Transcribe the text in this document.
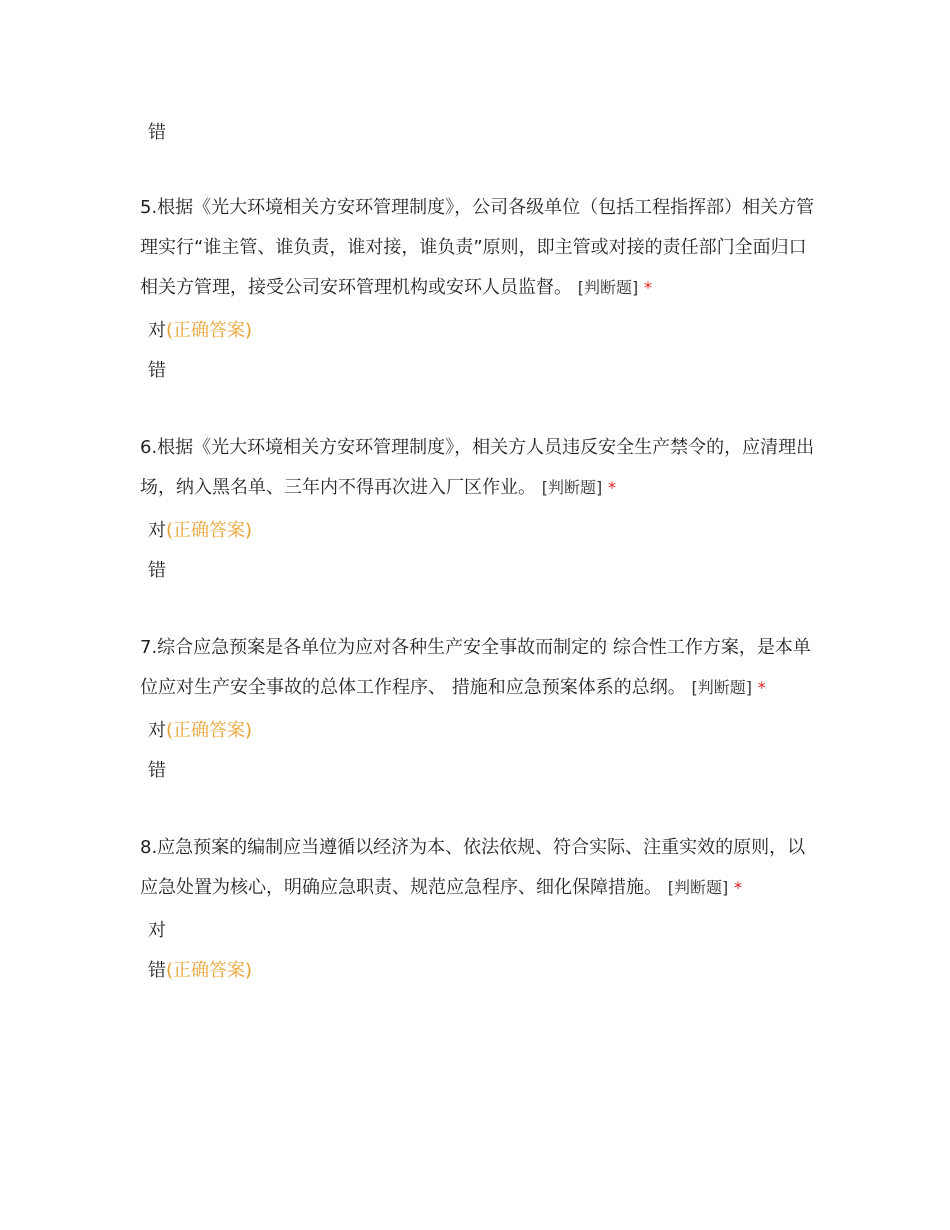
错

5.根据《光大环境相关方安环管理制度》，公司各级单位（包括工程指挥部）相关方管理实行“谁主管、谁负责，谁对接，谁负责”原则，即主管或对接的责任部门全面归口相关方管理，接受公司安环管理机构或安环人员监督。 [判断题] *

对(正确答案)
错

6.根据《光大环境相关方安环管理制度》，相关方人员违反安全生产禁令的，应清理出场，纳入黑名单、三年内不得再次进入厂区作业。 [判断题] *

对(正确答案)
错

7.综合应急预案是各单位为应对各种生产安全事故而制定的 综合性工作方案，是本单位应对生产安全事故的总体工作程序、 措施和应急预案体系的总纲。 [判断题] *

对(正确答案)
错

8.应急预案的编制应当遵循以经济为本、依法依规、符合实际、注重实效的原则，以应急处置为核心，明确应急职责、规范应急程序、细化保障措施。 [判断题] *

对
错(正确答案)
